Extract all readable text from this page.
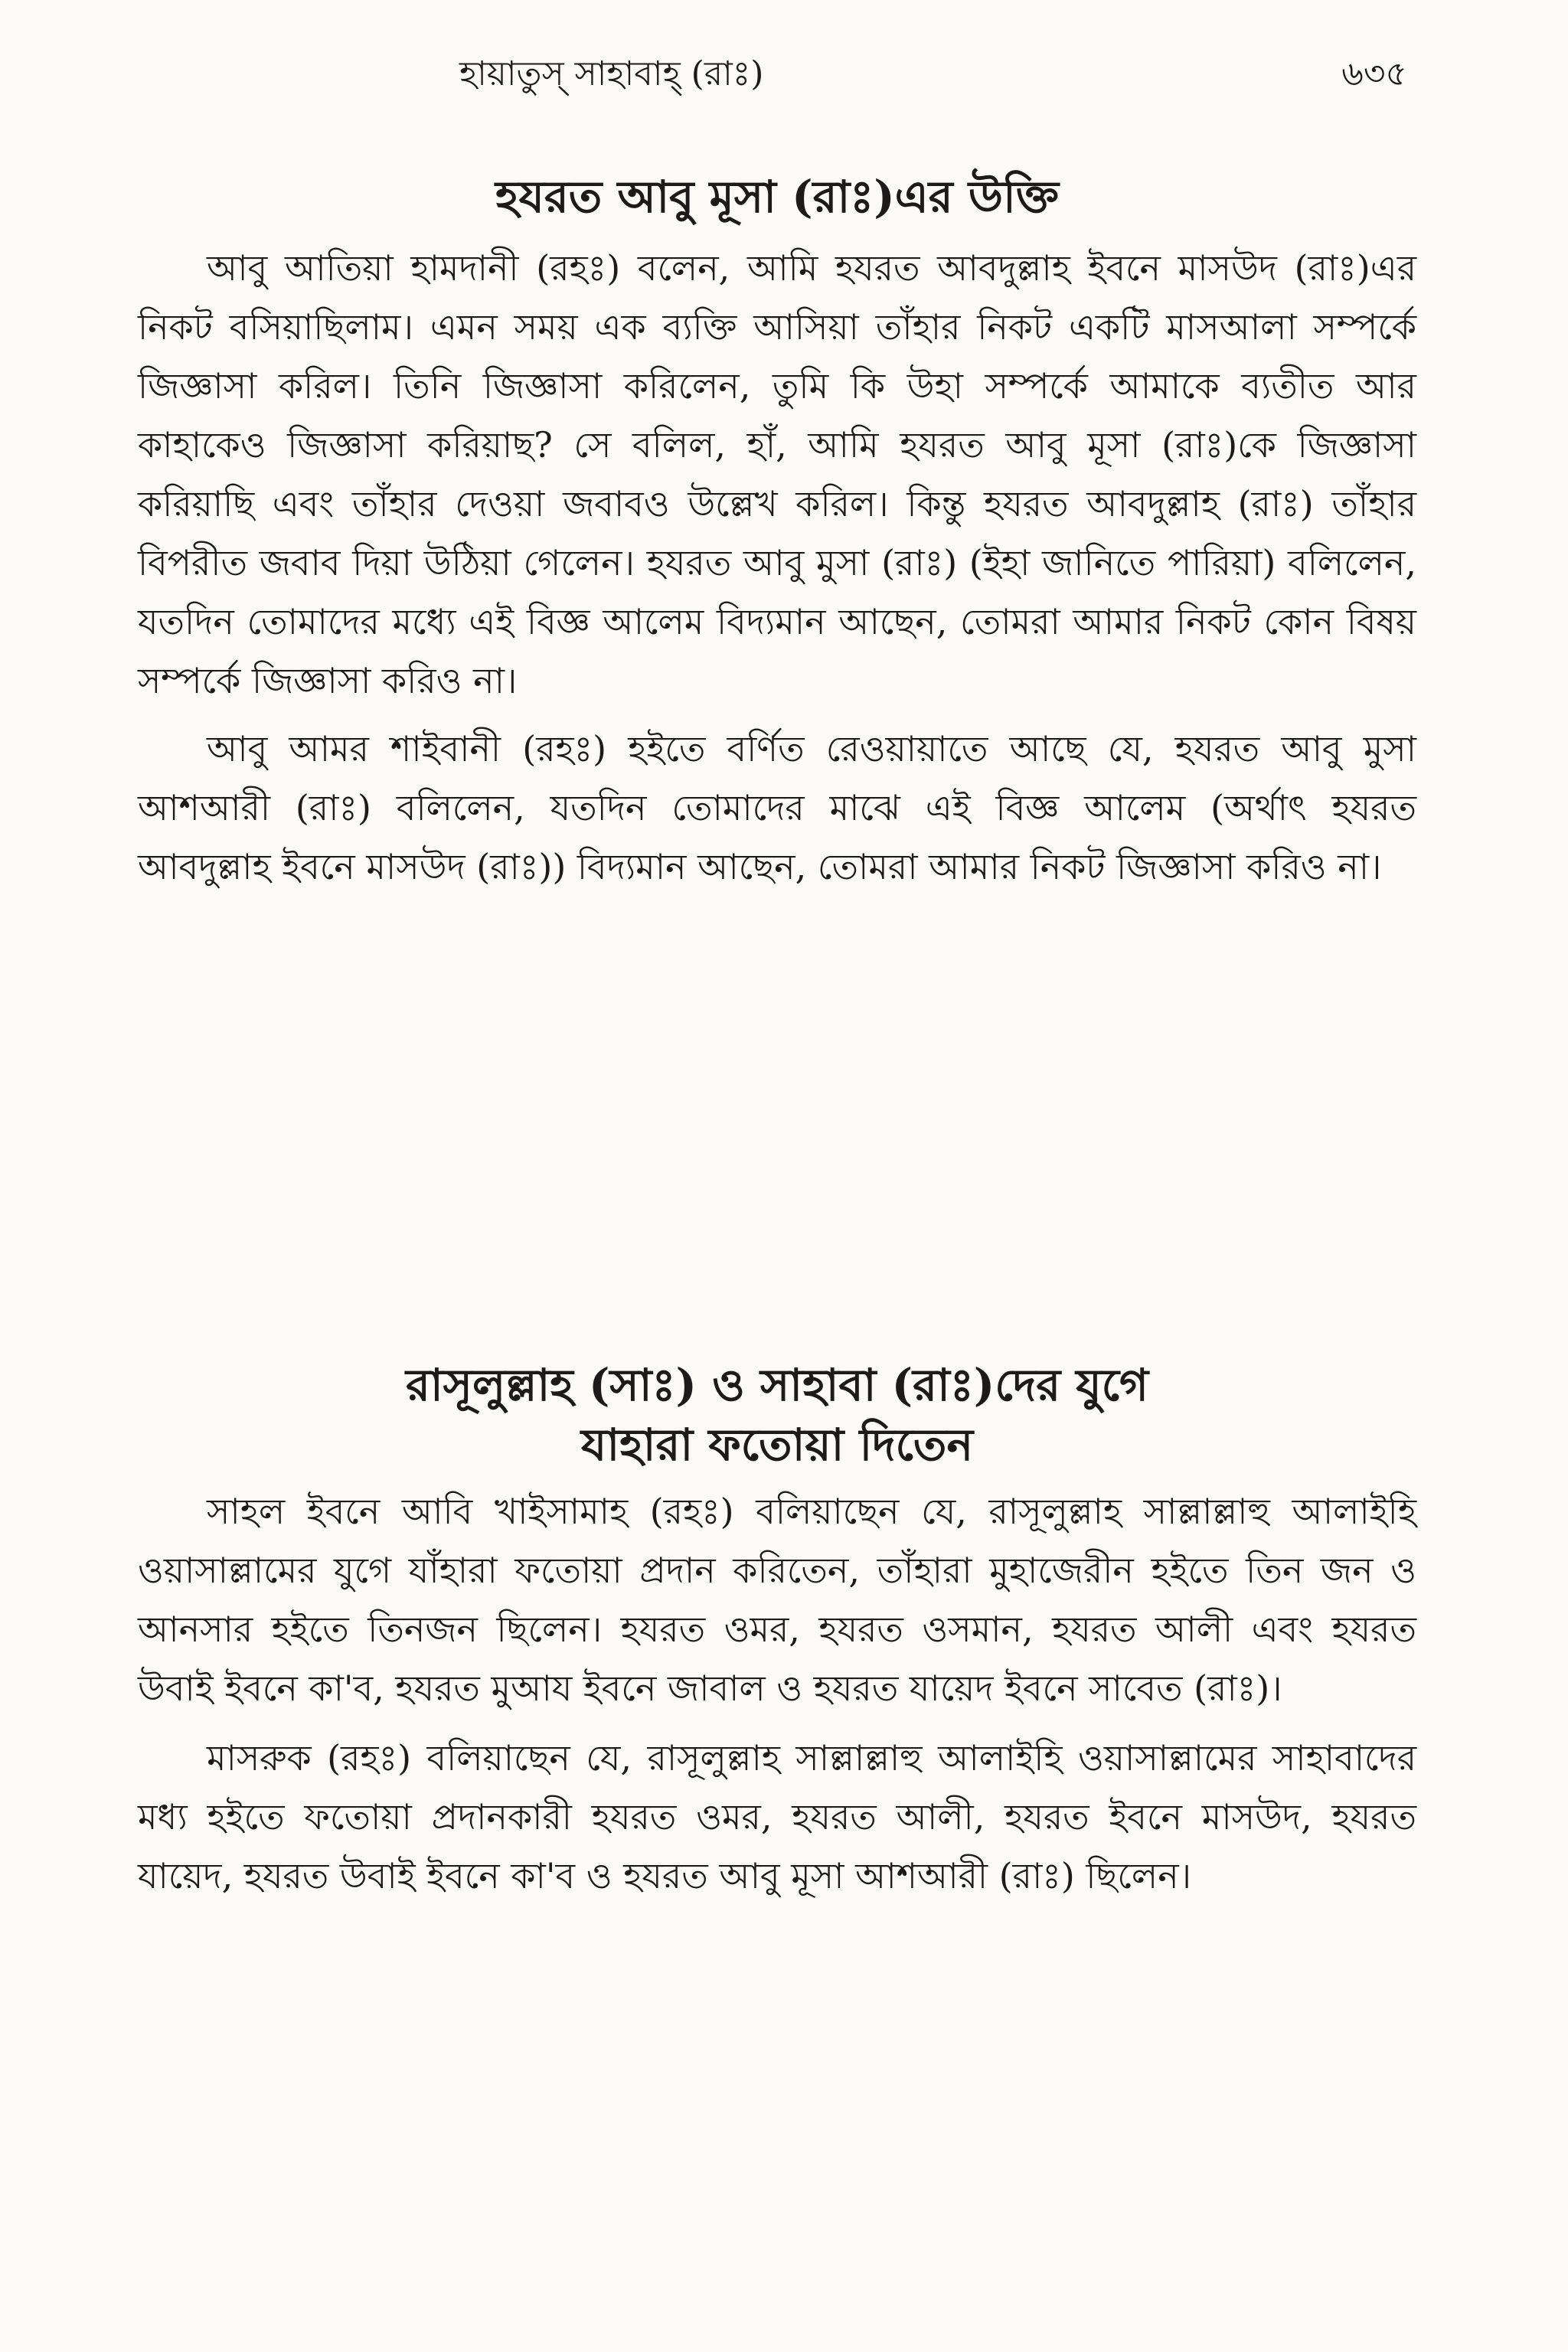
হায়াতুস্ সাহাবাহ্ (রাঃ)	৬৩৫
হযরত আবু মূসা (রাঃ)এর উক্তি

আবু আতিয়া হামদানী (রহঃ) বলেন, আমি হযরত আবদুল্লাহ ইবনে মাসউদ (রাঃ)এর নিকট বসিয়াছিলাম। এমন সময় এক ব্যক্তি আসিয়া তাঁহার নিকট একটি মাসআলা সম্পর্কে জিজ্ঞাসা করিল। তিনি জিজ্ঞাসা করিলেন, তুমি কি উহা সম্পর্কে আমাকে ব্যতীত আর কাহাকেও জিজ্ঞাসা করিয়াছ? সে বলিল, হাঁ, আমি হযরত আবু মূসা (রাঃ)কে জিজ্ঞাসা করিয়াছি এবং তাঁহার দেওয়া জবাবও উল্লেখ করিল। কিন্তু হযরত আবদুল্লাহ (রাঃ) তাঁহার বিপরীত জবাব দিয়া উঠিয়া গেলেন। হযরত আবু মুসা (রাঃ) (ইহা জানিতে পারিয়া) বলিলেন, যতদিন তোমাদের মধ্যে এই বিজ্ঞ আলেম বিদ্যমান আছেন, তোমরা আমার নিকট কোন বিষয় সম্পর্কে জিজ্ঞাসা করিও না।

আবু আমর শাইবানী (রহঃ) হইতে বর্ণিত রেওয়ায়াতে আছে যে, হযরত আবু মুসা আশআরী (রাঃ) বলিলেন, যতদিন তোমাদের মাঝে এই বিজ্ঞ আলেম (অর্থাৎ হযরত আবদুল্লাহ ইবনে মাসউদ (রাঃ)) বিদ্যমান আছেন, তোমরা আমার নিকট জিজ্ঞাসা করিও না।

রাসূলুল্লাহ (সাঃ) ও সাহাবা (রাঃ)দের যুগে
যাহারা ফতোয়া দিতেন

সাহল ইবনে আবি খাইসামাহ (রহঃ) বলিয়াছেন যে, রাসূলুল্লাহ সাল্লাল্লাহু আলাইহি ওয়াসাল্লামের যুগে যাঁহারা ফতোয়া প্রদান করিতেন, তাঁহারা মুহাজেরীন হইতে তিন জন ও আনসার হইতে তিনজন ছিলেন। হযরত ওমর, হযরত ওসমান, হযরত আলী এবং হযরত উবাই ইবনে কা'ব, হযরত মুআয ইবনে জাবাল ও হযরত যায়েদ ইবনে সাবেত (রাঃ)।

মাসরুক (রহঃ) বলিয়াছেন যে, রাসূলুল্লাহ সাল্লাল্লাহু আলাইহি ওয়াসাল্লামের সাহাবাদের মধ্য হইতে ফতোয়া প্রদানকারী হযরত ওমর, হযরত আলী, হযরত ইবনে মাসউদ, হযরত যায়েদ, হযরত উবাই ইবনে কা'ব ও হযরত আবু মূসা আশআরী (রাঃ) ছিলেন।
